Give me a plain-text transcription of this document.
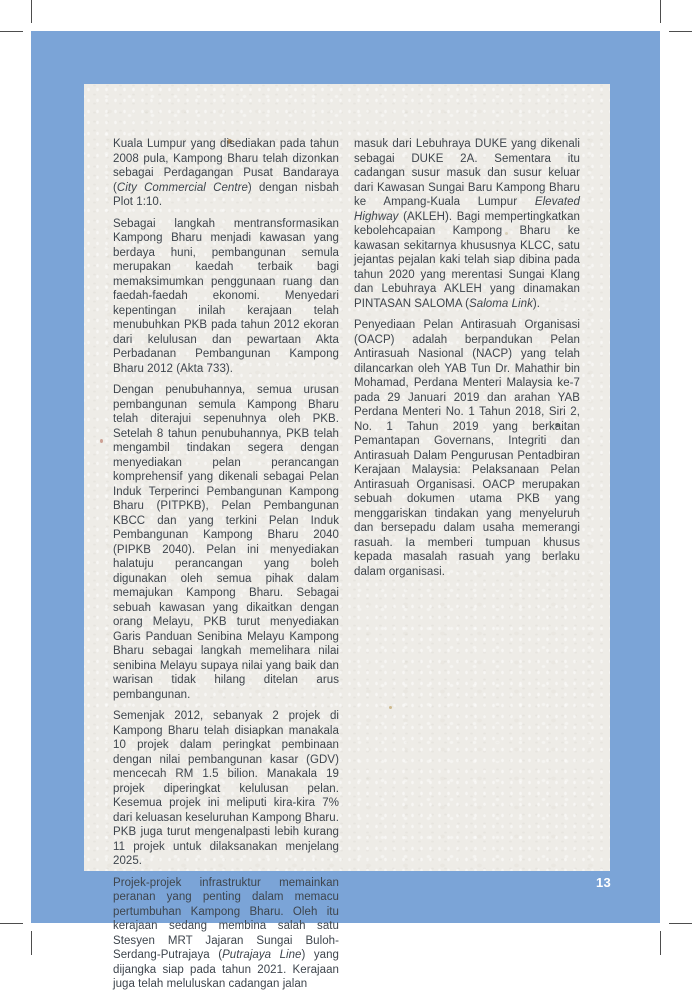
Kuala Lumpur yang disediakan pada tahun 2008 pula, Kampong Bharu telah dizonkan sebagai Perdagangan Pusat Bandaraya (City Commercial Centre) dengan nisbah Plot 1:10.

Sebagai langkah mentransformasikan Kampong Bharu menjadi kawasan yang berdaya huni, pembangunan semula merupakan kaedah terbaik bagi memaksimumkan penggunaan ruang dan faedah-faedah ekonomi. Menyedari kepentingan inilah kerajaan telah menubuhkan PKB pada tahun 2012 ekoran dari kelulusan dan pewartaan Akta Perbadanan Pembangunan Kampong Bharu 2012 (Akta 733).

Dengan penubuhannya, semua urusan pembangunan semula Kampong Bharu telah diterajui sepenuhnya oleh PKB. Setelah 8 tahun penubuhannya, PKB telah mengambil tindakan segera dengan menyediakan pelan perancangan komprehensif yang dikenali sebagai Pelan Induk Terperinci Pembangunan Kampong Bharu (PITPKB), Pelan Pembangunan KBCC dan yang terkini Pelan Induk Pembangunan Kampong Bharu 2040 (PIPKB 2040). Pelan ini menyediakan halatuju perancangan yang boleh digunakan oleh semua pihak dalam memajukan Kampong Bharu. Sebagai sebuah kawasan yang dikaitkan dengan orang Melayu, PKB turut menyediakan Garis Panduan Senibina Melayu Kampong Bharu sebagai langkah memelihara nilai senibina Melayu supaya nilai yang baik dan warisan tidak hilang ditelan arus pembangunan.

Semenjak 2012, sebanyak 2 projek di Kampong Bharu telah disiapkan manakala 10 projek dalam peringkat pembinaan dengan nilai pembangunan kasar (GDV) mencecah RM 1.5 bilion. Manakala 19 projek diperingkat kelulusan pelan. Kesemua projek ini meliputi kira-kira 7% dari keluasan keseluruhan Kampong Bharu. PKB juga turut mengenalpasti lebih kurang 11 projek untuk dilaksanakan menjelang 2025.

Projek-projek infrastruktur memainkan peranan yang penting dalam memacu pertumbuhan Kampong Bharu. Oleh itu kerajaan sedang membina salah satu Stesyen MRT Jajaran Sungai Buloh-Serdang-Putrajaya (Putrajaya Line) yang dijangka siap pada tahun 2021. Kerajaan juga telah meluluskan cadangan jalan

masuk dari Lebuhraya DUKE yang dikenali sebagai DUKE 2A. Sementara itu cadangan susur masuk dan susur keluar dari Kawasan Sungai Baru Kampong Bharu ke Ampang-Kuala Lumpur Elevated Highway (AKLEH). Bagi mempertingkatkan kebolehcapaian Kampong Bharu ke kawasan sekitarnya khususnya KLCC, satu jejantas pejalan kaki telah siap dibina pada tahun 2020 yang merentasi Sungai Klang dan Lebuhraya AKLEH yang dinamakan PINTASAN SALOMA (Saloma Link).

Penyediaan Pelan Antirasuah Organisasi (OACP) adalah berpandukan Pelan Antirasuah Nasional (NACP) yang telah dilancarkan oleh YAB Tun Dr. Mahathir bin Mohamad, Perdana Menteri Malaysia ke-7 pada 29 Januari 2019 dan arahan YAB Perdana Menteri No. 1 Tahun 2018, Siri 2, No. 1 Tahun 2019 yang berkaitan Pemantapan Governans, Integriti dan Antirasuah Dalam Pengurusan Pentadbiran Kerajaan Malaysia: Pelaksanaan Pelan Antirasuah Organisasi. OACP merupakan sebuah dokumen utama PKB yang menggariskan tindakan yang menyeluruh dan bersepadu dalam usaha memerangi rasuah. Ia memberi tumpuan khusus kepada masalah rasuah yang berlaku dalam organisasi.

13
